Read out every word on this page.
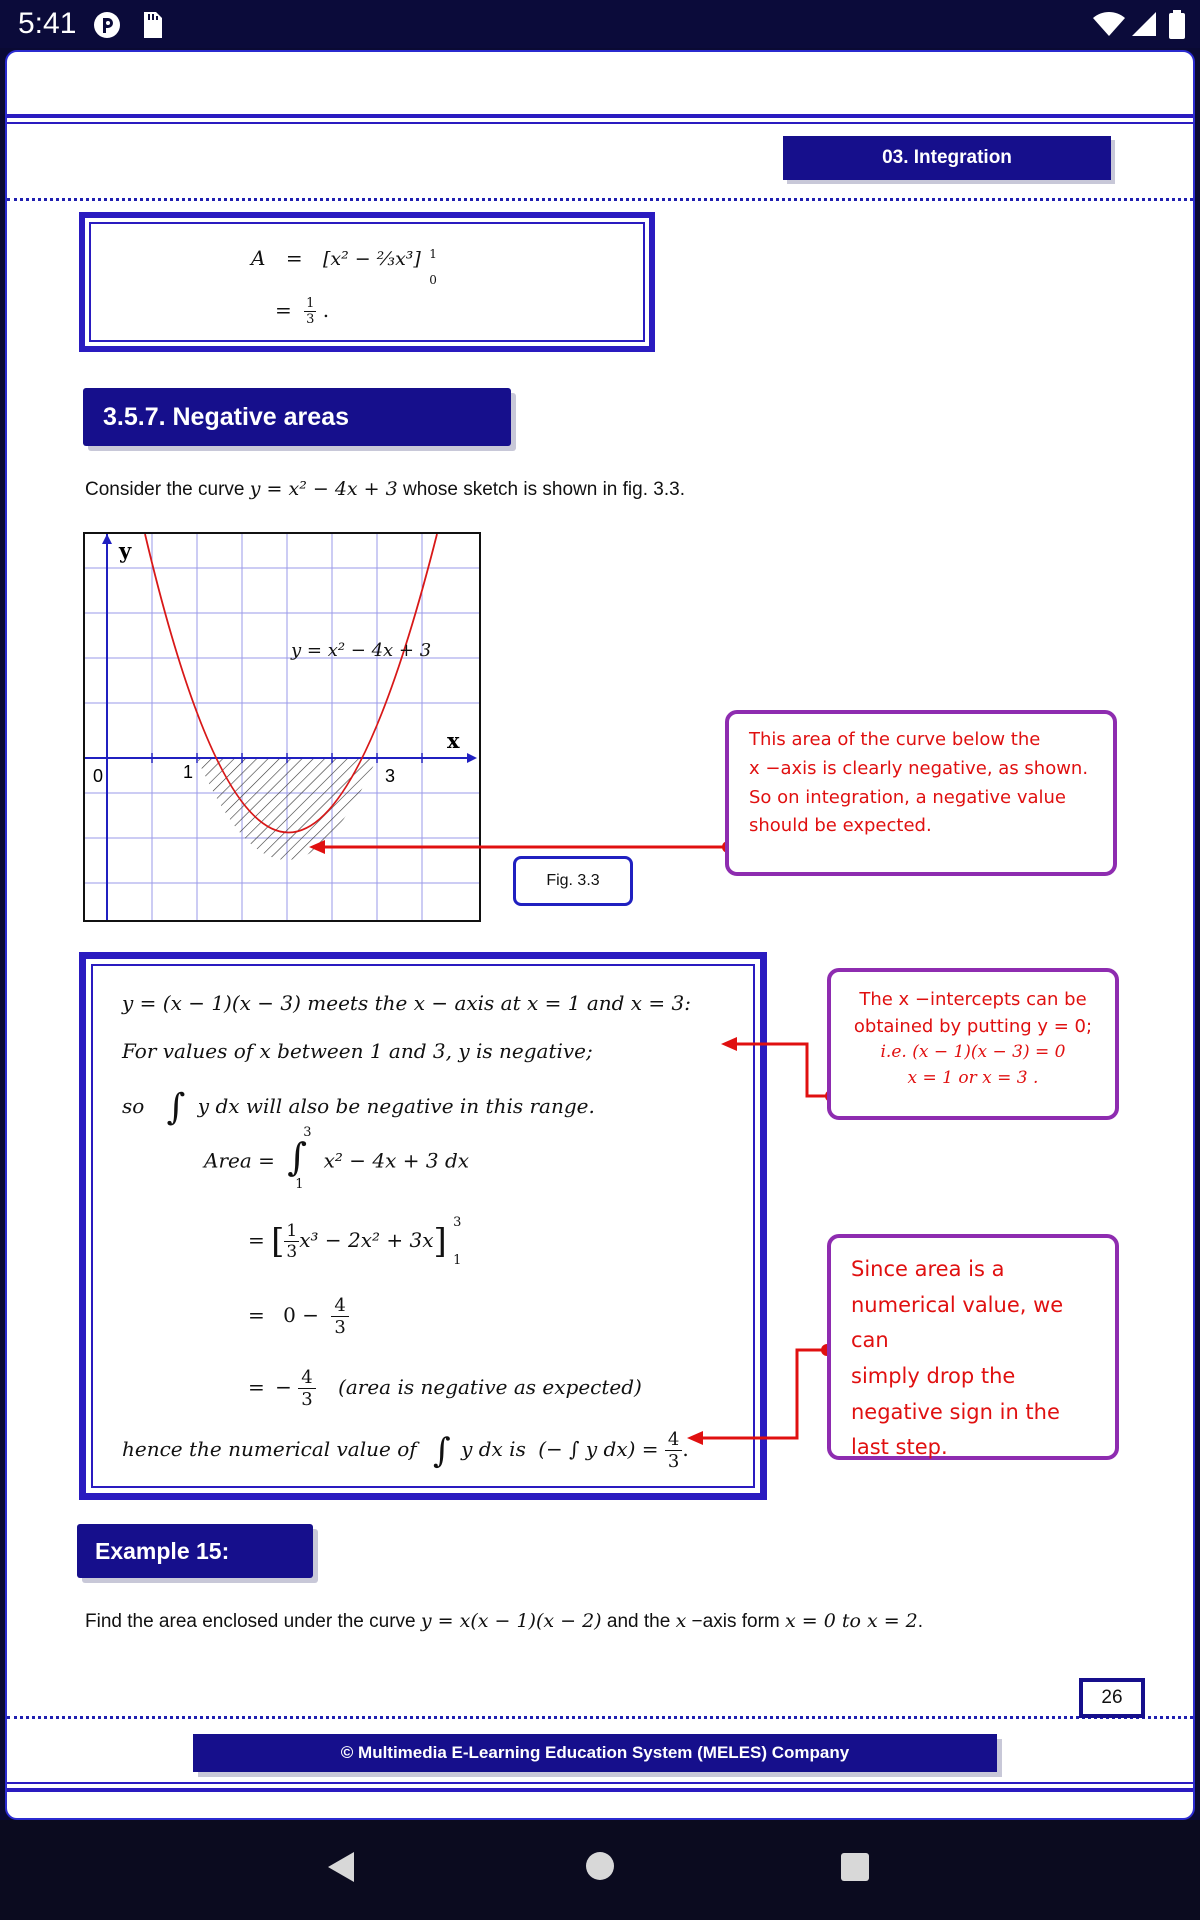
5:41
03. Integration
A = [x² − ⅔x³] 1
0
= $\frac{1}{3}$ .
3.5.7. Negative areas
Consider the curve y = x² − 4x + 3 whose sketch is shown in fig. 3.3.
y
x
0	1	3
y = x² − 4x + 3
Fig. 3.3
This area of the curve below the
x −axis is clearly negative, as shown.
So on integration, a negative value
should be expected.
y = (x − 1)(x − 3) meets the x − axis at x = 1 and x = 3:
For values of x between 1 and 3, y is negative;
so ∫ y dx will also be negative in this range.
Area = ∫
3
1
x² − 4x + 3 dx
= [ $\frac{1}{3} x^3 - 2x^2 + 3x$] 3
1
= $0 - \frac{4}{3}$
= − $\frac{4}{3}$ (area is negative as expected)
hence the numerical value of ∫ y dx is (− ∫ y $dx) = \frac{4}{3}$ .
The x −intercepts can be
obtained by putting y = 0;
i.e. (x − 1)(x − 3) = 0
x = 1 or x = 3 .
Since area is a
numerical value, we can
simply drop the
negative sign in the
last step.
Example 15:
Find the area enclosed under the curve y = x(x − 1)(x − 2) and the x −axis form x = 0 to x = 2.
26
© Multimedia E-Learning Education System (MELES) Company
